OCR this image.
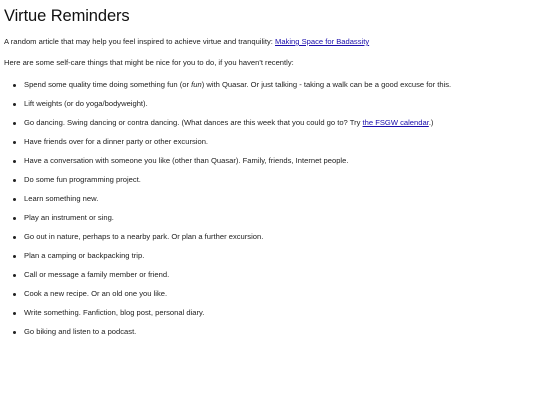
Virtue Reminders

A random article that may help you feel inspired to achieve virtue and tranquility: Making Space for Badassity

Here are some self-care things that might be nice for you to do, if you haven't recently:

Spend some quality time doing something fun (or fun) with Quasar. Or just talking - taking a walk can be a good excuse for this.
Lift weights (or do yoga/bodyweight).
Go dancing. Swing dancing or contra dancing. (What dances are this week that you could go to? Try the FSGW calendar.)
Have friends over for a dinner party or other excursion.
Have a conversation with someone you like (other than Quasar). Family, friends, Internet people.
Do some fun programming project.
Learn something new.
Play an instrument or sing.
Go out in nature, perhaps to a nearby park. Or plan a further excursion.
Plan a camping or backpacking trip.
Call or message a family member or friend.
Cook a new recipe. Or an old one you like.
Write something. Fanfiction, blog post, personal diary.
Go biking and listen to a podcast.
